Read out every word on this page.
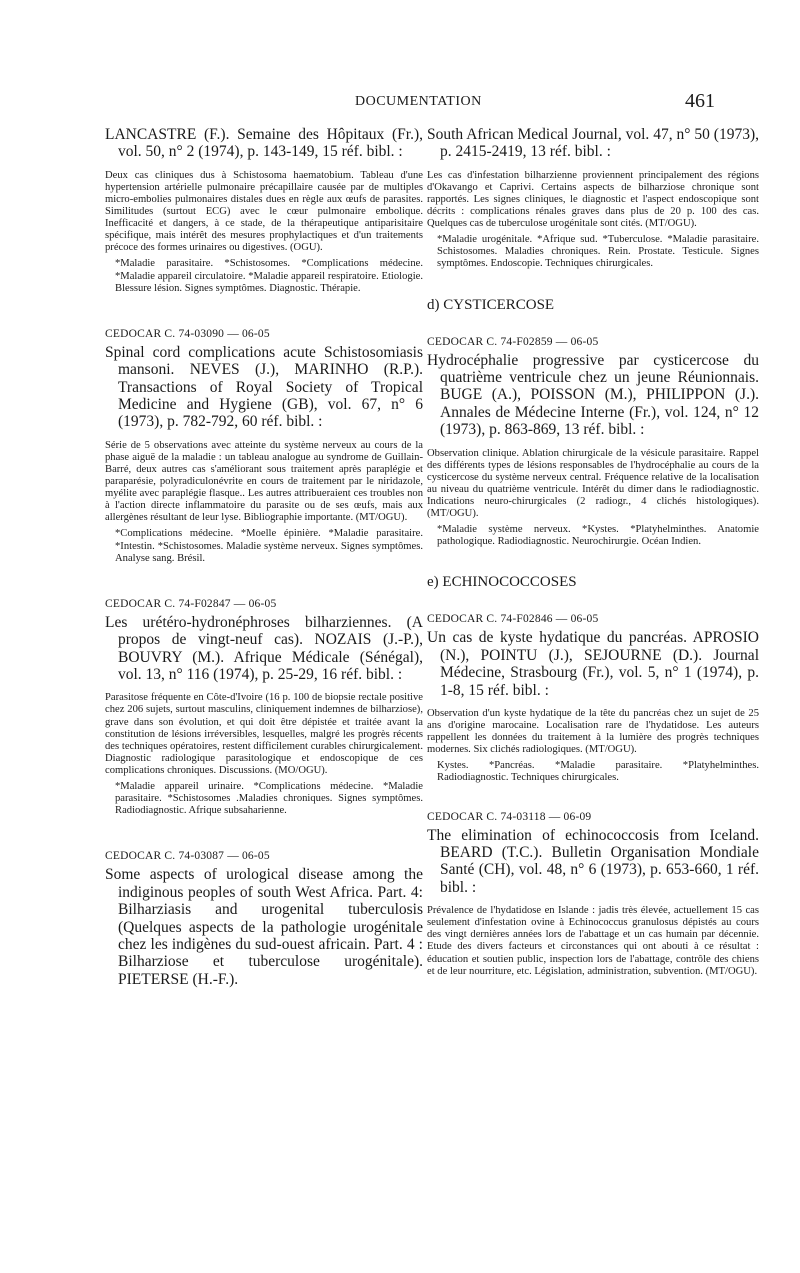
DOCUMENTATION	461

LANCASTRE (F.). Semaine des Hôpitaux (Fr.), vol. 50, n° 2 (1974), p. 143-149, 15 réf. bibl. :

Deux cas cliniques dus à Schistosoma haematobium. Tableau d'une hypertension artérielle pulmonaire précapillaire causée par de multiples micro-embolies pulmonaires distales dues en règle aux œufs de parasites. Similitudes (surtout ECG) avec le cœur pulmonaire embolique. Inefficacité et dangers, à ce stade, de la thérapeutique antiparisitaire spécifique, mais intérêt des mesures prophylactiques et d'un traitements précoce des formes urinaires ou digestives. (OGU).

*Maladie parasitaire. *Schistosomes. *Complications médecine. *Maladie appareil circulatoire. *Maladie appareil respiratoire. Etiologie. Blessure lésion. Signes symptômes. Diagnostic. Thérapie.

CEDOCAR C. 74-03090 — 06-05

Spinal cord complications acute Schistosomiasis mansoni. NEVES (J.), MARINHO (R.P.). Transactions of Royal Society of Tropical Medicine and Hygiene (GB), vol. 67, n° 6 (1973), p. 782-792, 60 réf. bibl. :

Série de 5 observations avec atteinte du système nerveux au cours de la phase aiguë de la maladie : un tableau analogue au syndrome de Guillain-Barré, deux autres cas s'améliorant sous traitement après paraplégie et paraparésie, polyradiculonévrite en cours de traitement par le niridazole, myélite avec paraplégie flasque.. Les autres attribueraient ces troubles non à l'action directe inflammatoire du parasite ou de ses œufs, mais aux allergènes résultant de leur lyse. Bibliographie importante. (MT/OGU).

*Complications médecine. *Moelle épinière. *Maladie parasitaire. *Intestin. *Schistosomes. Maladie système nerveux. Signes symptômes. Analyse sang. Brésil.

CEDOCAR C. 74-F02847 — 06-05

Les urétéro-hydronéphroses bilharziennes. (A propos de vingt-neuf cas). NOZAIS (J.-P.), BOUVRY (M.). Afrique Médicale (Sénégal), vol. 13, n° 116 (1974), p. 25-29, 16 réf. bibl. :

Parasitose fréquente en Côte-d'Ivoire (16 p. 100 de biopsie rectale positive chez 206 sujets, surtout masculins, cliniquement indemnes de bilharziose), grave dans son évolution, et qui doit être dépistée et traitée avant la constitution de lésions irréversibles, lesquelles, malgré les progrès récents des techniques opératoires, restent difficilement curables chirurgicalement. Diagnostic radiologique parasitologique et endoscopique de ces complications chroniques. Discussions. (MO/OGU).

*Maladie appareil urinaire. *Complications médecine. *Maladie parasitaire. *Schistosomes .Maladies chroniques. Signes symptômes. Radiodiagnostic. Afrique subsaharienne.

CEDOCAR C. 74-03087 — 06-05

Some aspects of urological disease among the indiginous peoples of south West Africa. Part. 4: Bilharziasis and urogenital tuberculosis (Quelques aspects de la pathologie urogénitale chez les indigènes du sud-ouest africain. Part. 4 : Bilharziose et tuberculose urogénitale). PIETERSE (H.-F.).

South African Medical Journal, vol. 47, n° 50 (1973), p. 2415-2419, 13 réf. bibl. :

Les cas d'infestation bilharzienne proviennent principalement des régions d'Okavango et Caprivi. Certains aspects de bilharziose chronique sont rapportés. Les signes cliniques, le diagnostic et l'aspect endoscopique sont décrits : complications rénales graves dans plus de 20 p. 100 des cas. Quelques cas de tuberculose urogénitale sont cités. (MT/OGU).

*Maladie urogénitale. *Afrique sud. *Tuberculose. *Maladie parasitaire. Schistosomes. Maladies chroniques. Rein. Prostate. Testicule. Signes symptômes. Endoscopie. Techniques chirurgicales.

d) CYSTICERCOSE

CEDOCAR C. 74-F02859 — 06-05

Hydrocéphalie progressive par cysticercose du quatrième ventricule chez un jeune Réunionnais. BUGE (A.), POISSON (M.), PHILIPPON (J.). Annales de Médecine Interne (Fr.), vol. 124, n° 12 (1973), p. 863-869, 13 réf. bibl. :

Observation clinique. Ablation chirurgicale de la vésicule parasitaire. Rappel des différents types de lésions responsables de l'hydrocéphalie au cours de la cysticercose du système nerveux central. Fréquence relative de la localisation au niveau du quatrième ventricule. Intérêt du dimer dans le radiodiagnostic. Indications neuro-chirurgicales (2 radiogr., 4 clichés histologiques). (MT/OGU).

*Maladie système nerveux. *Kystes. *Platyhelminthes. Anatomie pathologique. Radiodiagnostic. Neurochirurgie. Océan Indien.

e) ECHINOCOCCOSES

CEDOCAR C. 74-F02846 — 06-05

Un cas de kyste hydatique du pancréas. APROSIO (N.), POINTU (J.), SEJOURNE (D.). Journal Médecine, Strasbourg (Fr.), vol. 5, n° 1 (1974), p. 1-8, 15 réf. bibl. :

Observation d'un kyste hydatique de la tête du pancréas chez un sujet de 25 ans d'origine marocaine. Localisation rare de l'hydatidose. Les auteurs rappellent les données du traitement à la lumière des progrès techniques modernes. Six clichés radiologiques. (MT/OGU).

Kystes. *Pancréas. *Maladie parasitaire. *Platyhelminthes. Radiodiagnostic. Techniques chirurgicales.

CEDOCAR C. 74-03118 — 06-09

The elimination of echinococcosis from Iceland. BEARD (T.C.). Bulletin Organisation Mondiale Santé (CH), vol. 48, n° 6 (1973), p. 653-660, 1 réf. bibl. :

Prévalence de l'hydatidose en Islande : jadis très élevée, actuellement 15 cas seulement d'infestation ovine à Echinococcus granulosus dépistés au cours des vingt dernières années lors de l'abattage et un cas humain par décennie. Etude des divers facteurs et circonstances qui ont abouti à ce résultat : éducation et soutien public, inspection lors de l'abattage, contrôle des chiens et de leur nourriture, etc. Législation, administration, subvention. (MT/OGU).
